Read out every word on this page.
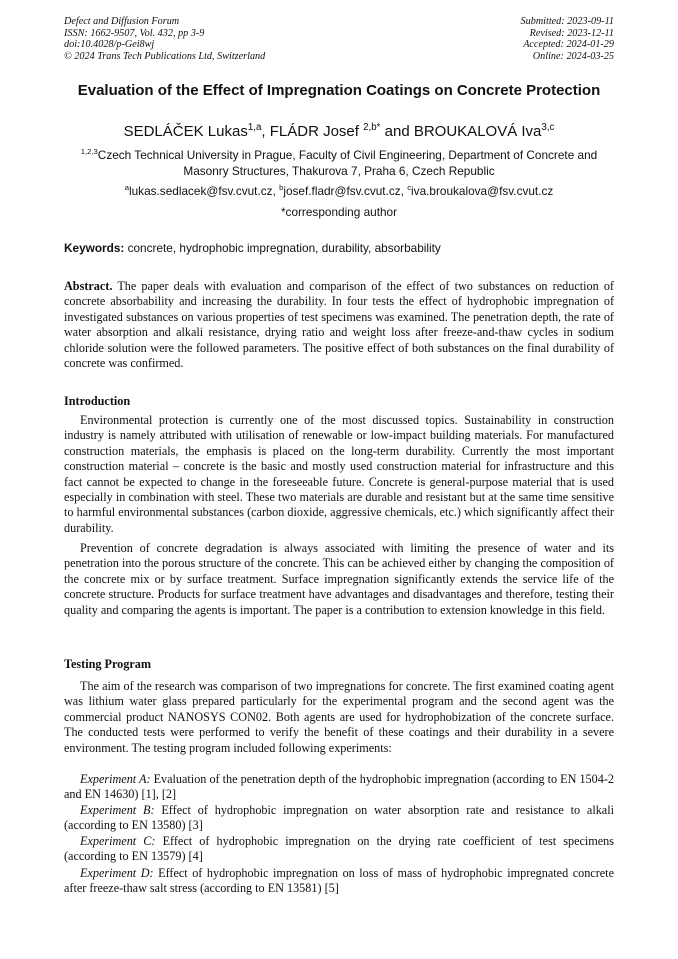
Defect and Diffusion Forum
ISSN: 1662-9507, Vol. 432, pp 3-9
doi:10.4028/p-Gei8wj
© 2024 Trans Tech Publications Ltd, Switzerland
Submitted: 2023-09-11
Revised: 2023-12-11
Accepted: 2024-01-29
Online: 2024-03-25
Evaluation of the Effect of Impregnation Coatings on Concrete Protection
SEDLÁČEK Lukas$^{1,a}$, FLÁDR Josef $^{2,b*}$ and BROUKALOVÁ Iva$^{3,c}$
$^{1,2,3}$Czech Technical University in Prague, Faculty of Civil Engineering, Department of Concrete and Masonry Structures, Thakurova 7, Praha 6, Czech Republic
$^a$lukas.sedlacek@fsv.cvut.cz, $^b$josef.fladr@fsv.cvut.cz, $^c$iva.broukalova@fsv.cvut.cz
*corresponding author
Keywords: concrete, hydrophobic impregnation, durability, absorbability
Abstract. The paper deals with evaluation and comparison of the effect of two substances on reduction of concrete absorbability and increasing the durability. In four tests the effect of hydrophobic impregnation of investigated substances on various properties of test specimens was examined. The penetration depth, the rate of water absorption and alkali resistance, drying ratio and weight loss after freeze-and-thaw cycles in sodium chloride solution were the followed parameters. The positive effect of both substances on the final durability of concrete was confirmed.
Introduction
Environmental protection is currently one of the most discussed topics. Sustainability in construction industry is namely attributed with utilisation of renewable or low-impact building materials. For manufactured construction materials, the emphasis is placed on the long-term durability. Currently the most important construction material – concrete is the basic and mostly used construction material for infrastructure and this fact cannot be expected to change in the foreseeable future. Concrete is general-purpose material that is used especially in combination with steel. These two materials are durable and resistant but at the same time sensitive to harmful environmental substances (carbon dioxide, aggressive chemicals, etc.) which significantly affect their durability.
Prevention of concrete degradation is always associated with limiting the presence of water and its penetration into the porous structure of the concrete. This can be achieved either by changing the composition of the concrete mix or by surface treatment. Surface impregnation significantly extends the service life of the concrete structure. Products for surface treatment have advantages and disadvantages and therefore, testing their quality and comparing the agents is important. The paper is a contribution to extension knowledge in this field.
Testing Program
The aim of the research was comparison of two impregnations for concrete. The first examined coating agent was lithium water glass prepared particularly for the experimental program and the second agent was the commercial product NANOSYS CON02. Both agents are used for hydrophobization of the concrete surface. The conducted tests were performed to verify the benefit of these coatings and their durability in a severe environment. The testing program included following experiments:
Experiment A: Evaluation of the penetration depth of the hydrophobic impregnation (according to EN 1504-2 and EN 14630) [1], [2]
Experiment B: Effect of hydrophobic impregnation on water absorption rate and resistance to alkali (according to EN 13580) [3]
Experiment C: Effect of hydrophobic impregnation on the drying rate coefficient of test specimens (according to EN 13579) [4]
Experiment D: Effect of hydrophobic impregnation on loss of mass of hydrophobic impregnated concrete after freeze-thaw salt stress (according to EN 13581) [5]
